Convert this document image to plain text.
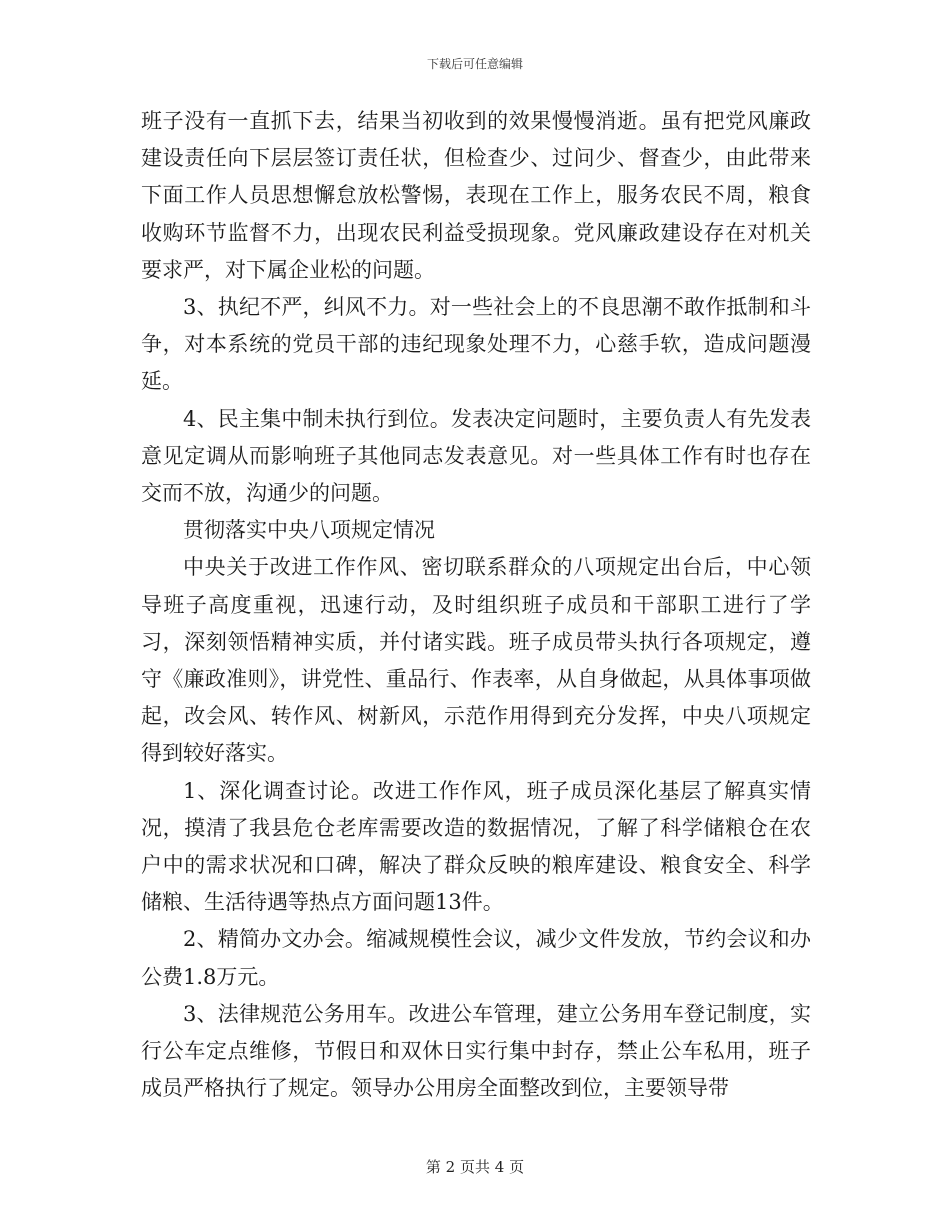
下载后可任意编辑

班子没有一直抓下去，结果当初收到的效果慢慢消逝。虽有把党风廉政建设责任向下层层签订责任状，但检查少、过问少、督查少，由此带来下面工作人员思想懈怠放松警惕，表现在工作上，服务农民不周，粮食收购环节监督不力，出现农民利益受损现象。党风廉政建设存在对机关要求严，对下属企业松的问题。

3、执纪不严，纠风不力。对一些社会上的不良思潮不敢作抵制和斗争，对本系统的党员干部的违纪现象处理不力，心慈手软，造成问题漫延。

4、民主集中制未执行到位。发表决定问题时，主要负责人有先发表意见定调从而影响班子其他同志发表意见。对一些具体工作有时也存在交而不放，沟通少的问题。

贯彻落实中央八项规定情况

中央关于改进工作作风、密切联系群众的八项规定出台后，中心领导班子高度重视，迅速行动，及时组织班子成员和干部职工进行了学习，深刻领悟精神实质，并付诸实践。班子成员带头执行各项规定，遵守《廉政准则》，讲党性、重品行、作表率，从自身做起，从具体事项做起，改会风、转作风、树新风，示范作用得到充分发挥，中央八项规定得到较好落实。

1、深化调查讨论。改进工作作风，班子成员深化基层了解真实情况，摸清了我县危仓老库需要改造的数据情况，了解了科学储粮仓在农户中的需求状况和口碑，解决了群众反映的粮库建设、粮食安全、科学储粮、生活待遇等热点方面问题13件。

2、精简办文办会。缩减规模性会议，减少文件发放，节约会议和办公费1.8万元。

3、法律规范公务用车。改进公车管理，建立公务用车登记制度，实行公车定点维修，节假日和双休日实行集中封存，禁止公车私用，班子成员严格执行了规定。领导办公用房全面整改到位，主要领导带

第 2 页共 4 页
